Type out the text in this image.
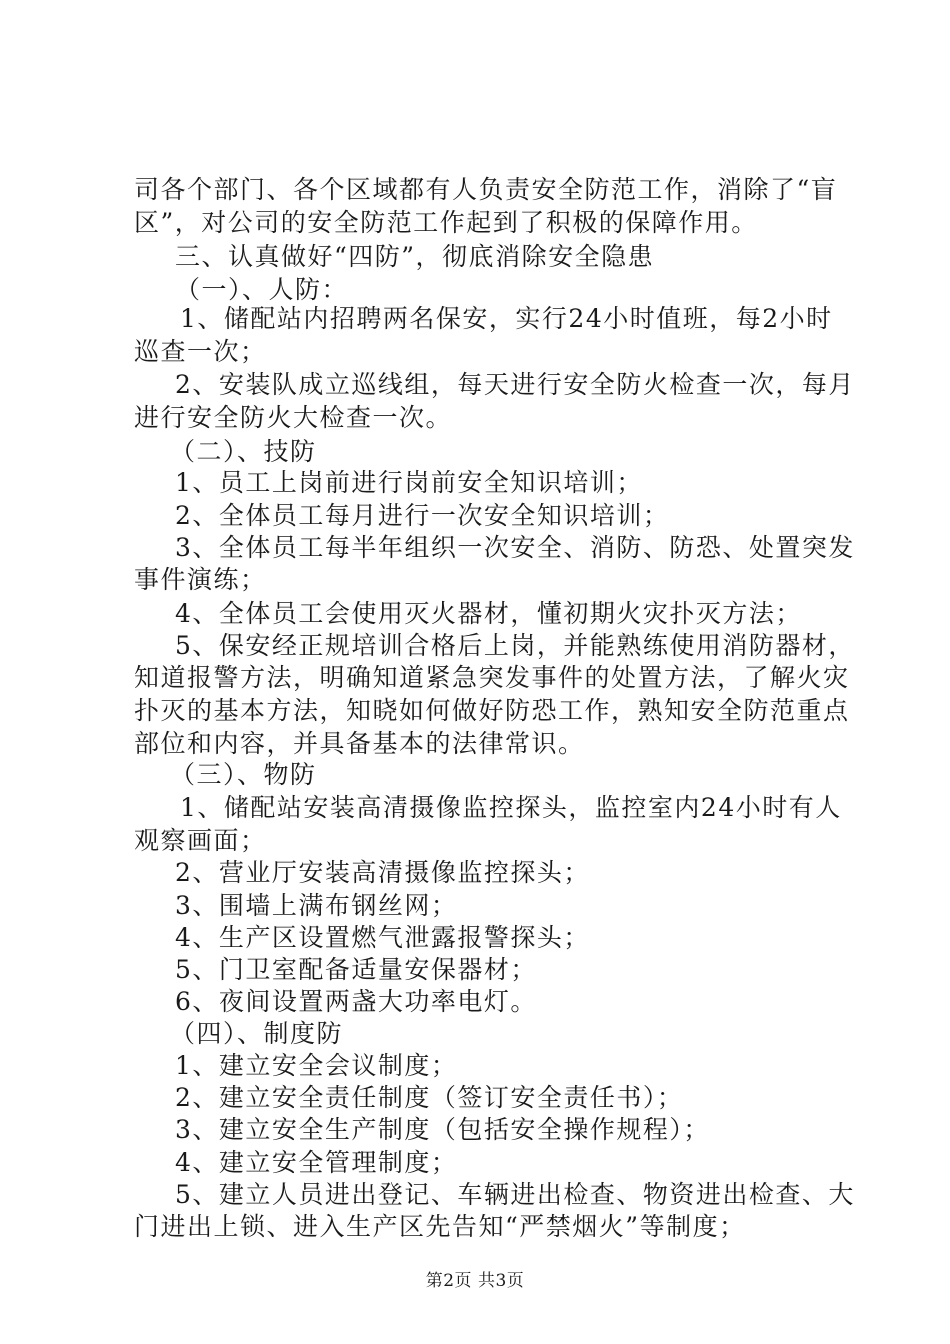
司各个部门、各个区域都有人负责安全防范工作，消除了“盲
区”，对公司的安全防范工作起到了积极的保障作用。
三、认真做好“四防”，彻底消除安全隐患
（一）、人防：
1、储配站内招聘两名保安，实行24小时值班，每2小时
巡查一次；
2、安装队成立巡线组，每天进行安全防火检查一次，每月
进行安全防火大检查一次。
（二）、技防
1、员工上岗前进行岗前安全知识培训；
2、全体员工每月进行一次安全知识培训；
3、全体员工每半年组织一次安全、消防、防恐、处置突发
事件演练；
4、全体员工会使用灭火器材，懂初期火灾扑灭方法；
5、保安经正规培训合格后上岗，并能熟练使用消防器材，
知道报警方法，明确知道紧急突发事件的处置方法，了解火灾
扑灭的基本方法，知晓如何做好防恐工作，熟知安全防范重点
部位和内容，并具备基本的法律常识。
（三）、物防
1、储配站安装高清摄像监控探头，监控室内24小时有人
观察画面；
2、营业厅安装高清摄像监控探头；
3、围墙上满布钢丝网；
4、生产区设置燃气泄露报警探头；
5、门卫室配备适量安保器材；
6、夜间设置两盏大功率电灯。
（四）、制度防
1、建立安全会议制度；
2、建立安全责任制度（签订安全责任书）；
3、建立安全生产制度（包括安全操作规程）；
4、建立安全管理制度；
5、建立人员进出登记、车辆进出检查、物资进出检查、大
门进出上锁、进入生产区先告知“严禁烟火”等制度；
第2页 共3页
